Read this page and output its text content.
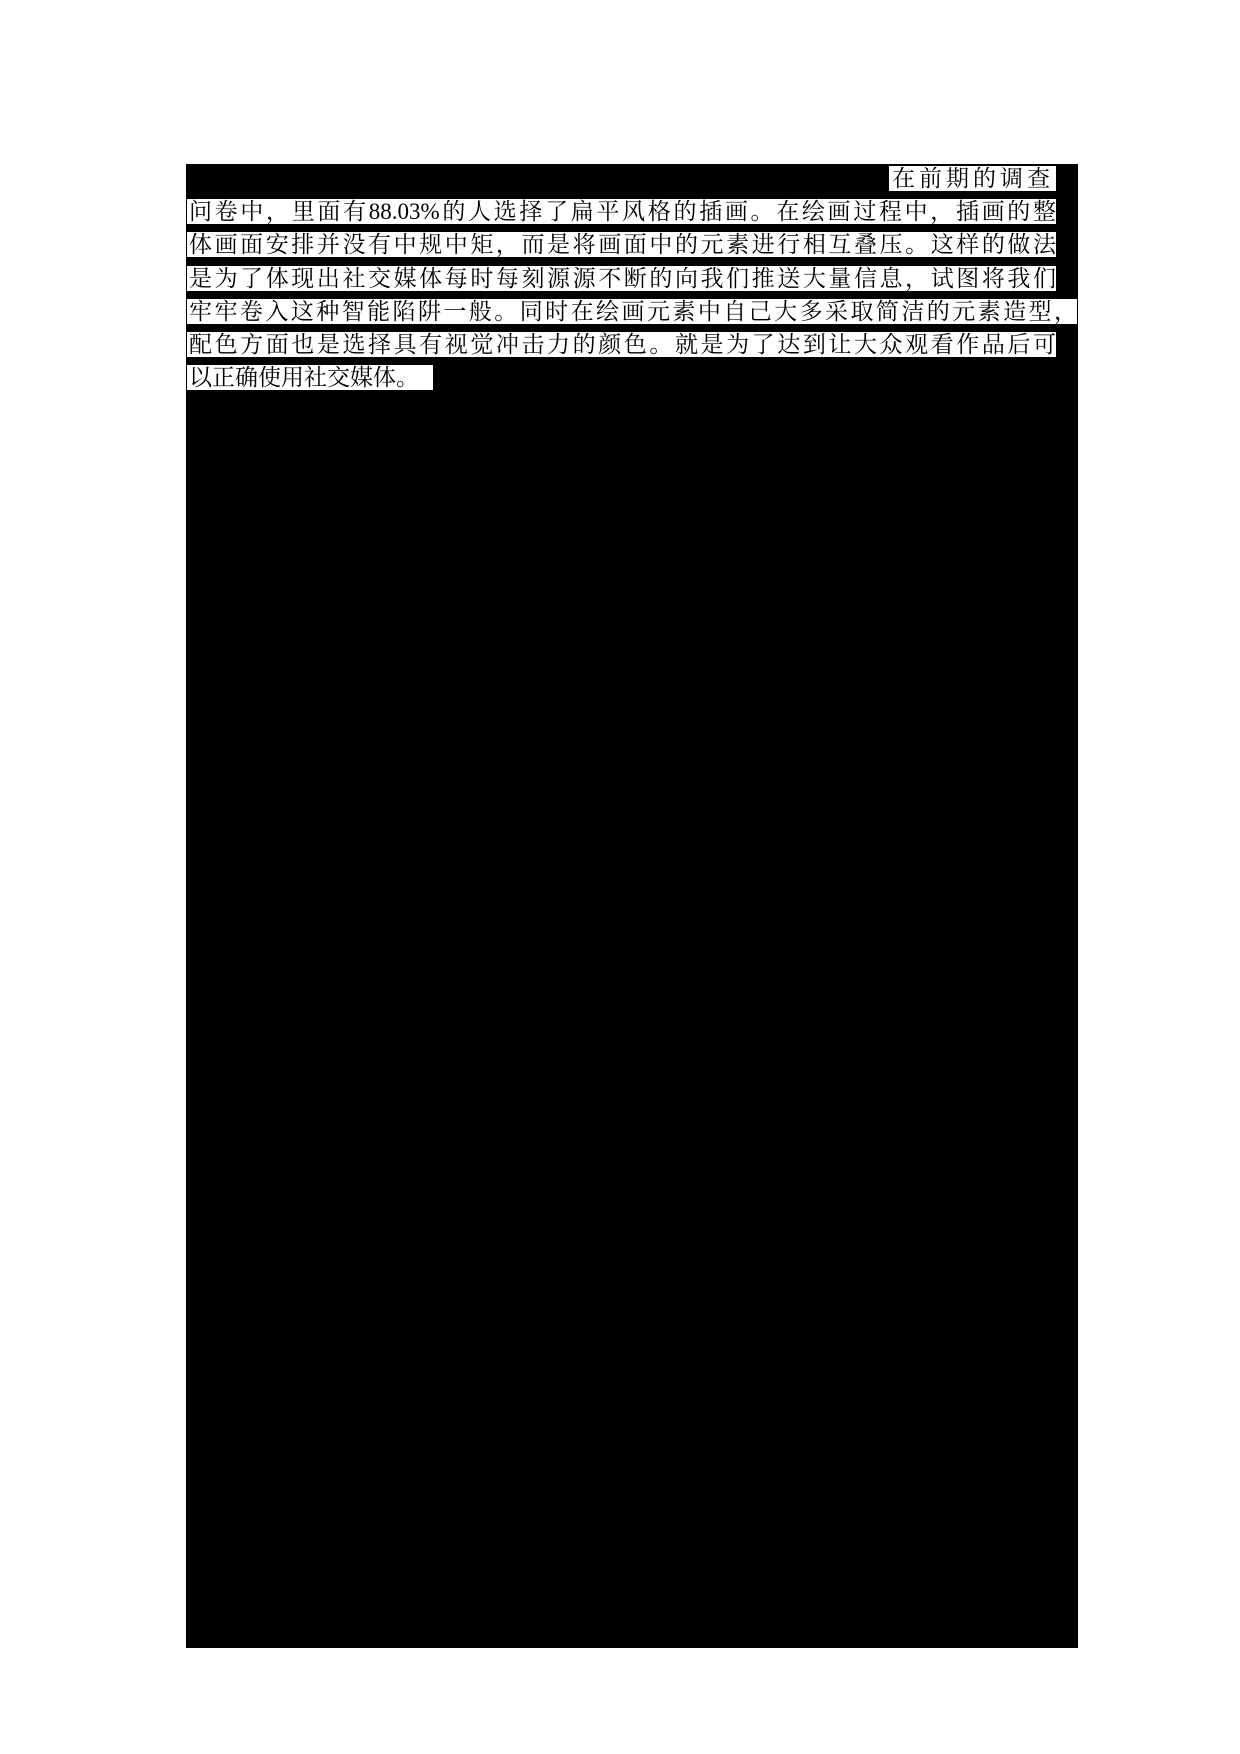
在前期的调查
问卷中，里面有88.03%的人选择了扁平风格的插画。在绘画过程中，插画的整
体画面安排并没有中规中矩，而是将画面中的元素进行相互叠压。这样的做法
是为了体现出社交媒体每时每刻源源不断的向我们推送大量信息，试图将我们
牢牢卷入这种智能陷阱一般。同时在绘画元素中自己大多采取简洁的元素造型，
配色方面也是选择具有视觉冲击力的颜色。就是为了达到让大众观看作品后可
以正确使用社交媒体。
